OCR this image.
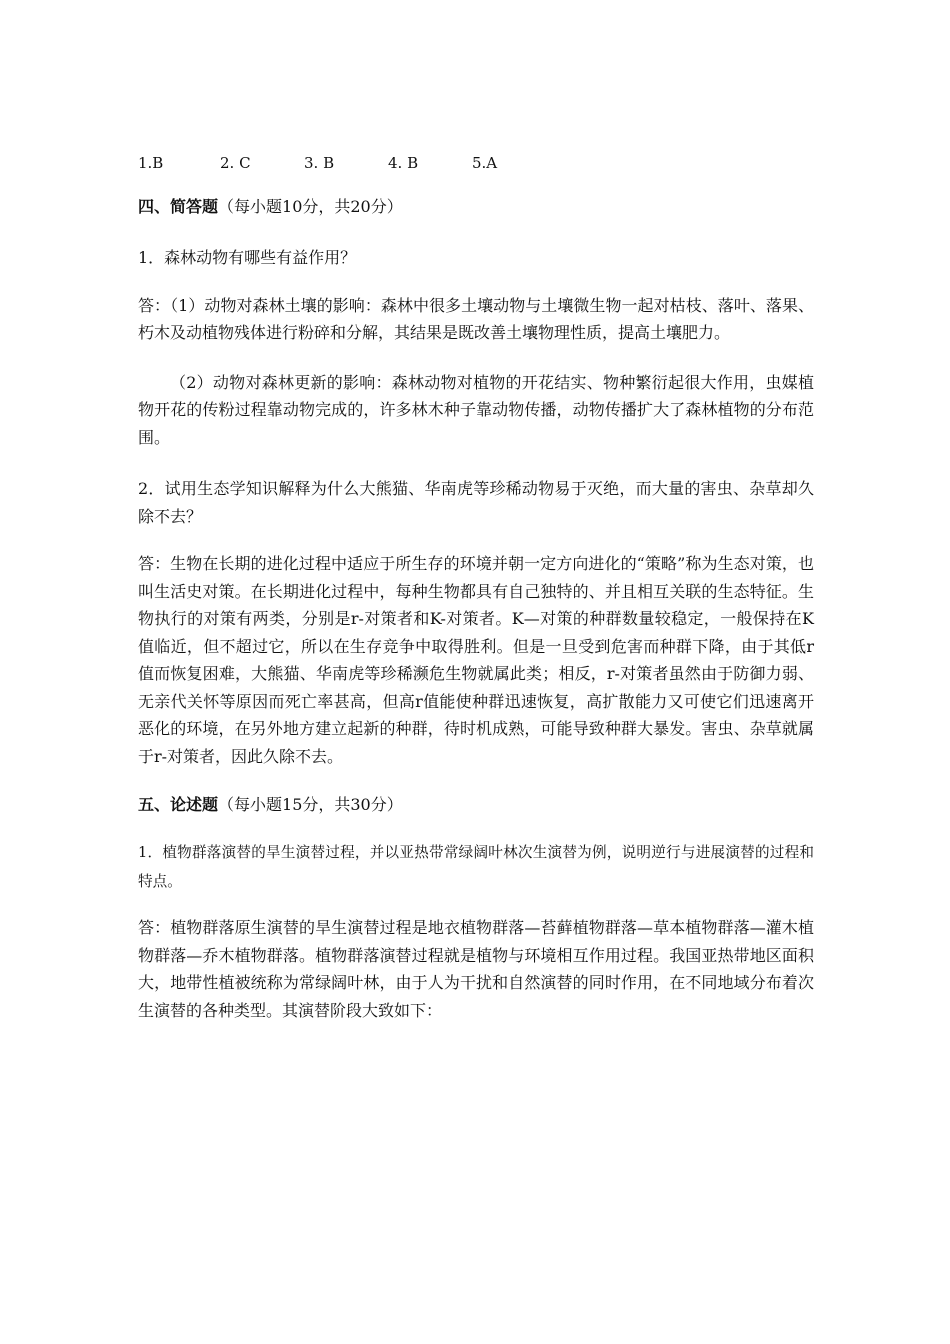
1.B	2. C	3. B	4. B	5.A
四、简答题（每小题10分，共20分）

1．森林动物有哪些有益作用？

答：（1）动物对森林土壤的影响：森林中很多土壤动物与土壤微生物一起对枯枝、落叶、落果、朽木及动植物残体进行粉碎和分解，其结果是既改善土壤物理性质，提高土壤肥力。

（2）动物对森林更新的影响：森林动物对植物的开花结实、物种繁衍起很大作用，虫媒植物开花的传粉过程靠动物完成的，许多林木种子靠动物传播，动物传播扩大了森林植物的分布范围。

2．试用生态学知识解释为什么大熊猫、华南虎等珍稀动物易于灭绝，而大量的害虫、杂草却久除不去？

答：生物在长期的进化过程中适应于所生存的环境并朝一定方向进化的“策略”称为生态对策，也叫生活史对策。在长期进化过程中，每种生物都具有自己独特的、并且相互关联的生态特征。生物执行的对策有两类，分别是r-对策者和K-对策者。K—对策的种群数量较稳定，一般保持在K值临近，但不超过它，所以在生存竞争中取得胜利。但是一旦受到危害而种群下降，由于其低r值而恢复困难，大熊猫、华南虎等珍稀濒危生物就属此类；相反，r-对策者虽然由于防御力弱、无亲代关怀等原因而死亡率甚高，但高r值能使种群迅速恢复，高扩散能力又可使它们迅速离开恶化的环境，在另外地方建立起新的种群，待时机成熟，可能导致种群大暴发。害虫、杂草就属于r-对策者，因此久除不去。

五、论述题（每小题15分，共30分）

1．植物群落演替的旱生演替过程，并以亚热带常绿阔叶林次生演替为例，说明逆行与进展演替的过程和特点。

答：植物群落原生演替的旱生演替过程是地衣植物群落—苔藓植物群落—草本植物群落—灌木植物群落—乔木植物群落。植物群落演替过程就是植物与环境相互作用过程。我国亚热带地区面积大，地带性植被统称为常绿阔叶林，由于人为干扰和自然演替的同时作用，在不同地域分布着次生演替的各种类型。其演替阶段大致如下：
